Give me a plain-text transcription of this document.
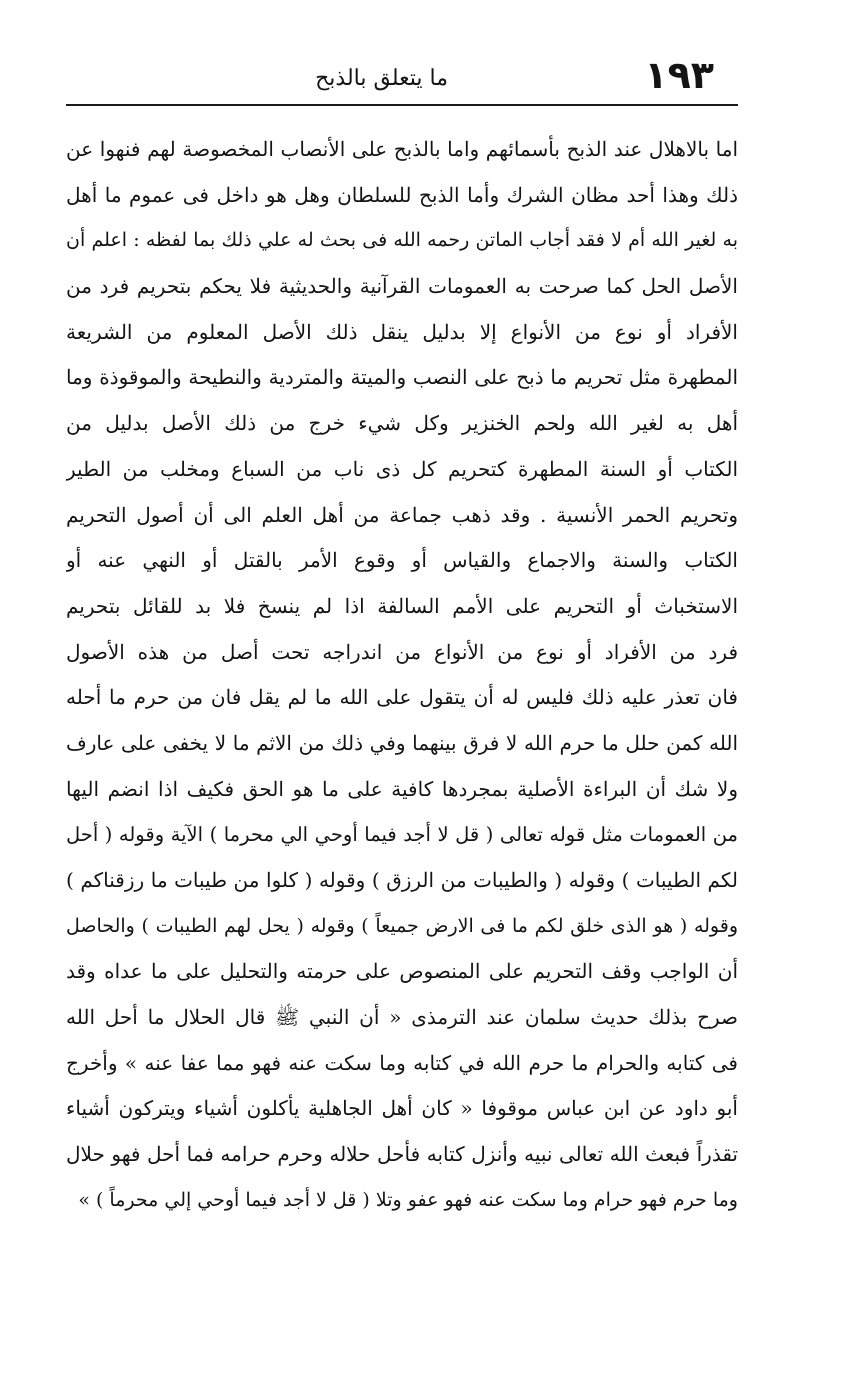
١٩٣
ما يتعلق بالذبح
اما بالاهلال عند الذبح بأسمائهم واما بالذبح على الأنصاب المخصوصة لهم فنهوا عن
ذلك وهذا أحد مظان الشرك وأما الذبح للسلطان وهل هو داخل فى عموم ما أهل
به لغير الله أم لا فقد أجاب الماتن رحمه الله فى بحث له علي ذلك بما لفظه : اعلم أن
الأصل الحل كما صرحت به العمومات القرآنية والحديثية فلا يحكم بتحريم فرد من
الأفراد أو نوع من الأنواع إلا بدليل ينقل ذلك الأصل المعلوم من الشريعة
المطهرة مثل تحريم ما ذبح على النصب والميتة والمتردية والنطيحة والموقوذة وما
أهل به لغير الله ولحم الخنزير وكل شيء خرج من ذلك الأصل بدليل من
الكتاب أو السنة المطهرة كتحريم كل ذى ناب من السباع ومخلب من الطير
وتحريم الحمر الأنسية . وقد ذهب جماعة من أهل العلم الى أن أصول التحريم
الكتاب والسنة والاجماع والقياس أو وقوع الأمر بالقتل أو النهي عنه أو
الاستخباث أو التحريم على الأمم السالفة اذا لم ينسخ فلا بد للقائل بتحريم
فرد من الأفراد أو نوع من الأنواع من اندراجه تحت أصل من هذه الأصول
فان تعذر عليه ذلك فليس له أن يتقول على الله ما لم يقل فان من حرم ما أحله
الله كمن حلل ما حرم الله لا فرق بينهما وفي ذلك من الاثم ما لا يخفى على عارف
ولا شك أن البراءة الأصلية بمجردها كافية على ما هو الحق فكيف اذا انضم اليها
من العمومات مثل قوله تعالى ( قل لا أجد فيما أوحي الي محرما ) الآية وقوله ( أحل
لكم الطيبات ) وقوله ( والطيبات من الرزق ) وقوله ( كلوا من طيبات ما رزقناكم )
وقوله ( هو الذى خلق لكم ما فى الارض جميعاً ) وقوله ( يحل لهم الطيبات ) والحاصل
أن الواجب وقف التحريم على المنصوص على حرمته والتحليل على ما عداه وقد
صرح بذلك حديث سلمان عند الترمذى « أن النبي ﷺ قال الحلال ما أحل الله
فى كتابه والحرام ما حرم الله في كتابه وما سكت عنه فهو مما عفا عنه » وأخرج
أبو داود عن ابن عباس موقوفا « كان أهل الجاهلية يأكلون أشياء ويتركون أشياء
تقذراً فبعث الله تعالى نبيه وأنزل كتابه فأحل حلاله وحرم حرامه فما أحل فهو حلال
وما حرم فهو حرام وما سكت عنه فهو عفو وتلا ( قل لا أجد فيما أوحي إلي محرماً ) »
